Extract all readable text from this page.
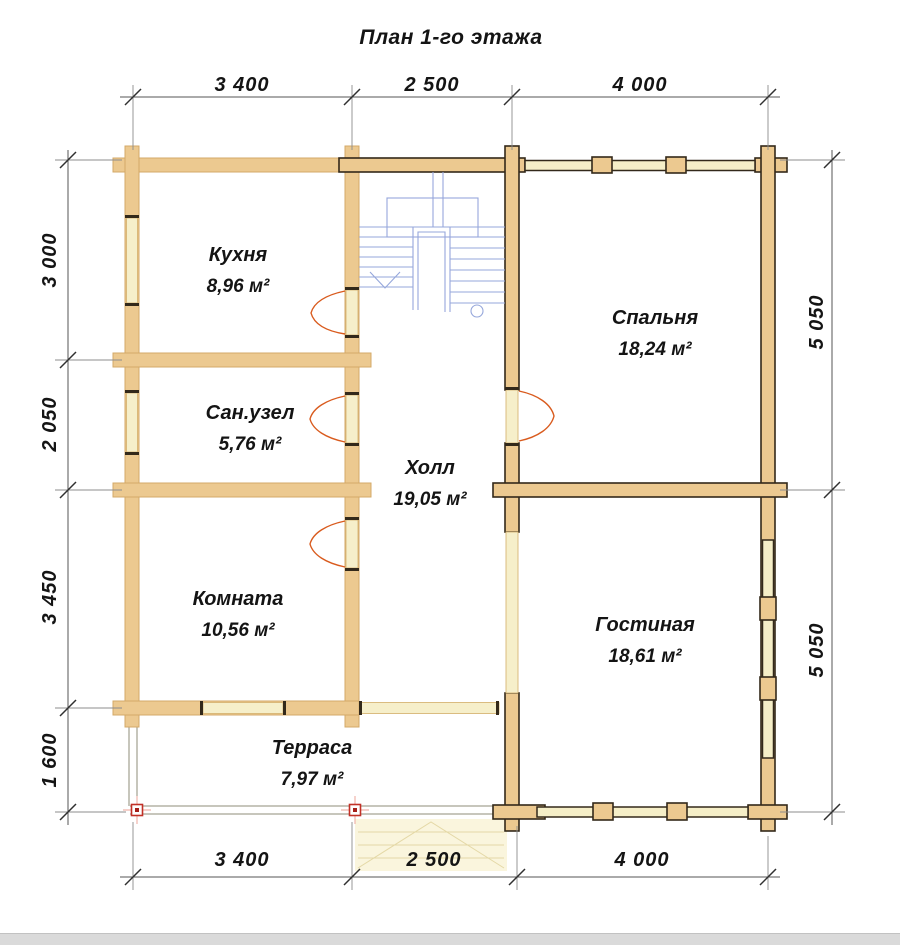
План 1-го этажа
3 400	2 500	4 000
3 400	2 500	4 000
3 000
2 050
3 450
1 600
5 050
5 050
Кухня
8,96 м²
Сан.узел
5,76 м²
Комната
10,56 м²
Холл
19,05 м²
Спальня
18,24 м²
Гостиная
18,61 м²
Терраса
7,97 м²
